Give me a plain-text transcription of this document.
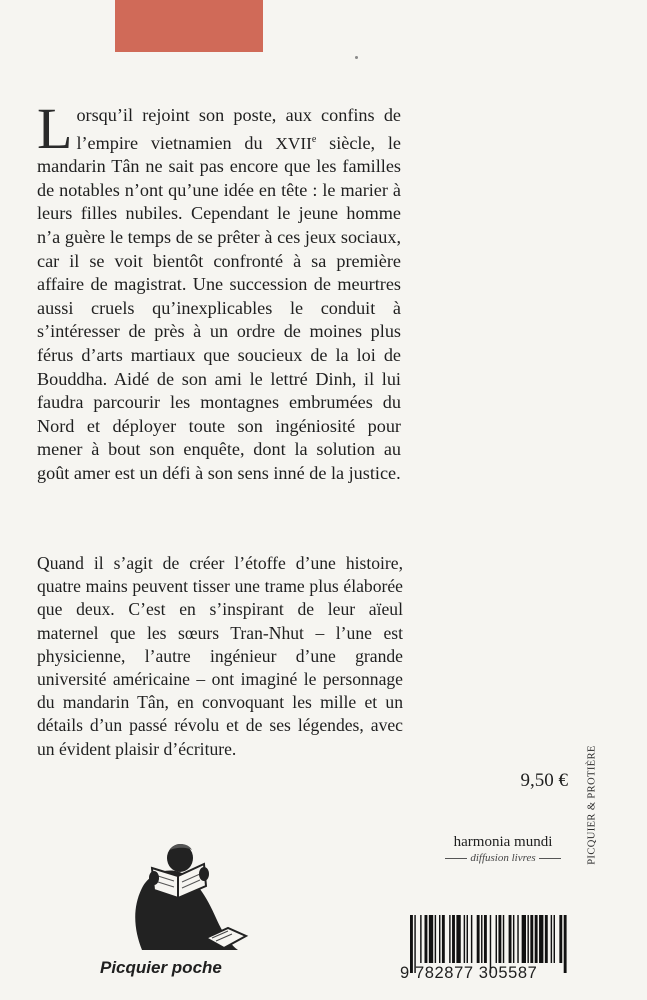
Lorsqu’il rejoint son poste, aux confins de l’empire vietnamien du XVIIe siècle, le mandarin Tân ne sait pas encore que les familles de notables n’ont qu’une idée en tête : le marier à leurs filles nubiles. Cependant le jeune homme n’a guère le temps de se prêter à ces jeux sociaux, car il se voit bientôt confronté à sa première affaire de magistrat. Une succession de meurtres aussi cruels qu’inexplicables le conduit à s’intéresser de près à un ordre de moines plus férus d’arts martiaux que soucieux de la loi de Bouddha. Aidé de son ami le lettré Dinh, il lui faudra parcourir les montagnes embrumées du Nord et déployer toute son ingéniosité pour mener à bout son enquête, dont la solution au goût amer est un défi à son sens inné de la justice.

Quand il s’agit de créer l’étoffe d’une histoire, quatre mains peuvent tisser une trame plus élaborée que deux. C’est en s’inspirant de leur aïeul maternel que les sœurs Tran-Nhut – l’une est physicienne, l’autre ingénieur d’une grande université américaine – ont imaginé le personnage du mandarin Tân, en convoquant les mille et un détails d’un passé révolu et de ses légendes, avec un évident plaisir d’écriture.

9,50 € PICQUIER & PROTIÈRE
harmonia mundi
diffusion livres
Picquier poche	9 782877 305587
